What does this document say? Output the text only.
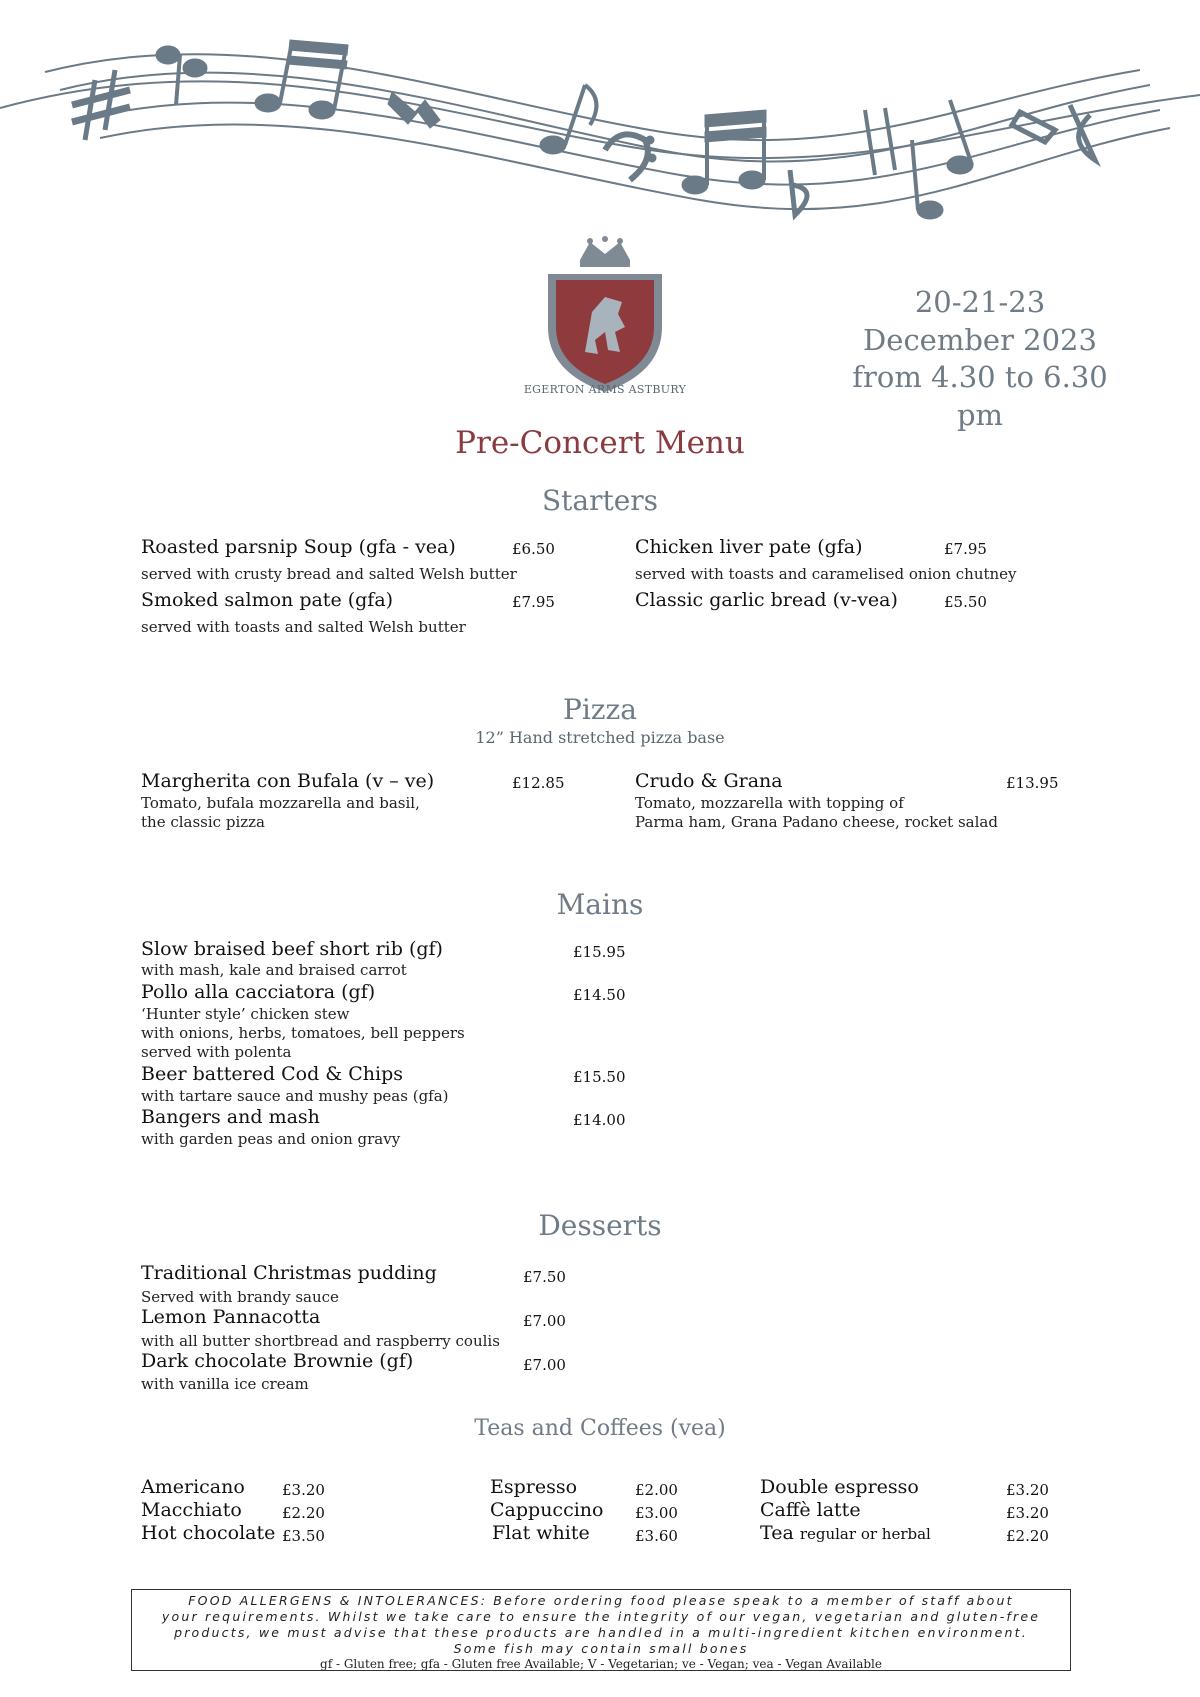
EGERTON ARMS ASTBURY
20-21-23
December 2023
from 4.30 to 6.30 pm
Pre-Concert Menu
Starters
Roasted parsnip Soup (gfa - vea)	£6.50
served with crusty bread and salted Welsh butter
Smoked salmon pate (gfa)	£7.95
served with toasts and salted Welsh butter
Chicken liver pate (gfa)	£7.95
served with toasts and caramelised onion chutney
Classic garlic bread (v-vea)	£5.50
Pizza
12” Hand stretched pizza base
Margherita con Bufala (v – ve)	£12.85
Tomato, bufala mozzarella and basil,
the classic pizza
Crudo & Grana	£13.95
Tomato, mozzarella with topping of
Parma ham, Grana Padano cheese, rocket salad
Mains
Slow braised beef short rib (gf)	£15.95
with mash, kale and braised carrot
Pollo alla cacciatora (gf)	£14.50
‘Hunter style’ chicken stew
with onions, herbs, tomatoes, bell peppers
served with polenta
Beer battered Cod & Chips	£15.50
with tartare sauce and mushy peas (gfa)
Bangers and mash	£14.00
with garden peas and onion gravy
Desserts
Traditional Christmas pudding	£7.50
Served with brandy sauce
Lemon Pannacotta	£7.00
with all butter shortbread and raspberry coulis
Dark chocolate Brownie (gf)	£7.00
with vanilla ice cream
Teas and Coffees (vea)
Americano £3.20
Macchiato	£2.20
Hot chocolate £3.50
Espresso	£2.00
Cappuccino £3.00
Flat white	£3.60
Double espresso	£3.20
Caffè latte	£3.20
Tea regular or herbal	£2.20
FOOD ALLERGENS & INTOLERANCES: Before ordering food please speak to a member of staff about
your requirements. Whilst we take care to ensure the integrity of our vegan, vegetarian and gluten-free
products, we must advise that these products are handled in a multi-ingredient kitchen environment.
Some fish may contain small bones
gf - Gluten free; gfa - Gluten free Available; V - Vegetarian; ve - Vegan; vea - Vegan Available
